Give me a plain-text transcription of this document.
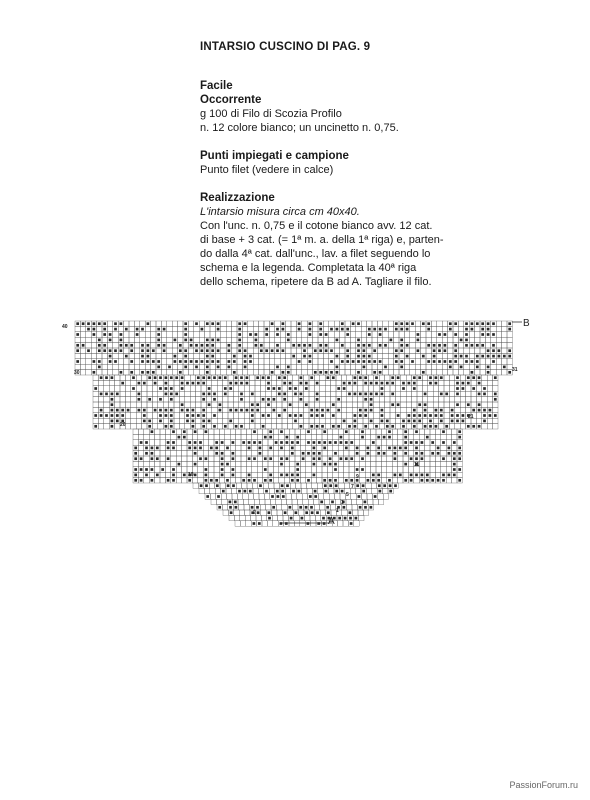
INTARSIO CUSCINO DI PAG. 9
Facile
Occorrente

g 100 di Filo di Scozia Profilo

n. 12 colore bianco; un uncinetto n. 0,75.

Punti impiegati e campione

Punto filet (vedere in calce)

Realizzazione

L'intarsio misura circa cm 40x40.

Con l'unc. n. 0,75 e il cotone bianco avv. 12 cat.

di base + 3 cat. (= 1ª m. a. della 1ª riga) e, parten-

do dalla 4ª cat. dall'unc., lav. a filet seguendo lo

schema e la legenda. Completata la 40ª riga

dello schema, ripetere da B ad A. Tagliare il filo.

40
30
20
10
2
31
21
11
9
7
5
3
1
B
A
PassionForum.ru
